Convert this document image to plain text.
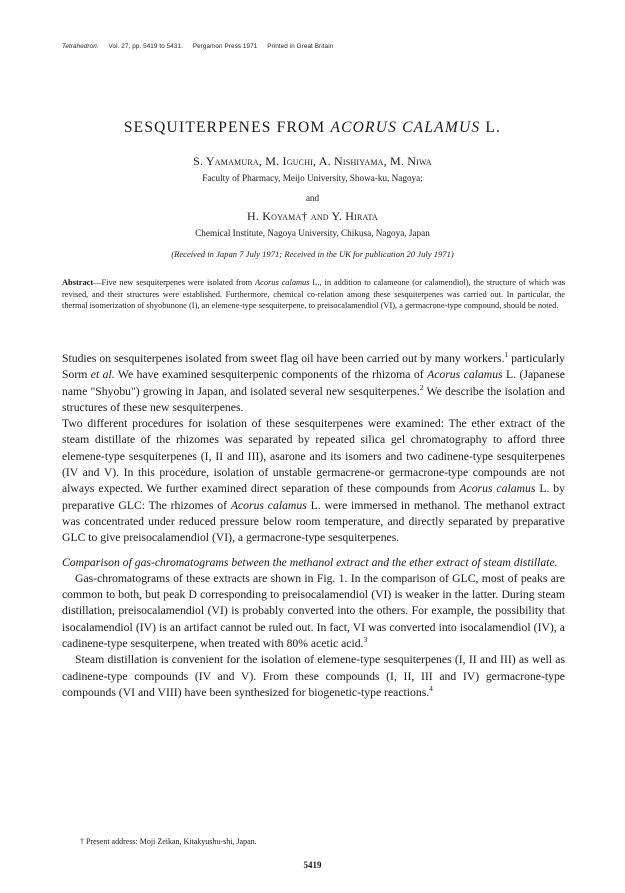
Tetrahedron. Vol. 27, pp. 5419 to 5431. Pergamon Press 1971 Printed in Great Britain
SESQUITERPENES FROM ACORUS CALAMUS L.
S. Yamamura, M. Iguchi, A. Nishiyama, M. Niwa
Faculty of Pharmacy, Meijo University, Showa-ku, Nagoya;
and
H. Koyama† and Y. Hirata
Chemical Institute, Nagoya University, Chikusa, Nagoya, Japan
(Received in Japan 7 July 1971; Received in the UK for publication 20 July 1971)
Abstract—Five new sesquiterpenes were isolated from Acorus calamus L., in addition to calameone (or calamendiol), the structure of which was revised, and their structures were established. Furthermore, chemical co-relation among these sesquiterpenes was carried out. In particular, the thermal isomerization of shyobunone (I), an elemene-type sesquiterpene, to preisocalamendiol (VI), a germacrone-type compound, should be noted.

Studies on sesquiterpenes isolated from sweet flag oil have been carried out by many workers.$^1$ particularly Sorm et al. We have examined sesquiterpenic components of the rhizoma of Acorus calamus L. (Japanese name "Shyobu") growing in Japan, and isolated several new sesquiterpenes.$^2$ We describe the isolation and structures of these new sesquiterpenes.

Two different procedures for isolation of these sesquiterpenes were examined: The ether extract of the steam distillate of the rhizomes was separated by repeated silica gel chromatography to afford three elemene-type sesquiterpenes (I, II and III), asarone and its isomers and two cadinene-type sesquiterpenes (IV and V). In this procedure, isolation of unstable germacrene-or germacrone-type compounds are not always expected. We further examined direct separation of these compounds from Acorus calamus L. by preparative GLC: The rhizomes of Acorus calamus L. were immersed in methanol. The methanol extract was concentrated under reduced pressure below room temperature, and directly separated by preparative GLC to give preisocalamendiol (VI), a germacrone-type sesquiterpenes.

Comparison of gas-chromatograms between the methanol extract and the ether extract of steam distillate.

Gas-chromatograms of these extracts are shown in Fig. 1. In the comparison of GLC, most of peaks are common to both, but peak D corresponding to preisocalamendiol (VI) is weaker in the latter. During steam distillation, preisocalamendiol (VI) is probably converted into the others. For example, the possibility that isocalamendiol (IV) is an artifact cannot be ruled out. In fact, VI was converted into isocalamendiol (IV), a cadinene-type sesquiterpene, when treated with 80% acetic acid.$^3$

Steam distillation is convenient for the isolation of elemene-type sesquiterpenes (I, II and III) as well as cadinene-type compounds (IV and V). From these compounds (I, II, III and IV) germacrone-type compounds (VI and VIII) have been synthesized for biogenetic-type reactions.$^4$

† Present address: Moji Zeikan, Kitakyushu-shi, Japan.
5419
